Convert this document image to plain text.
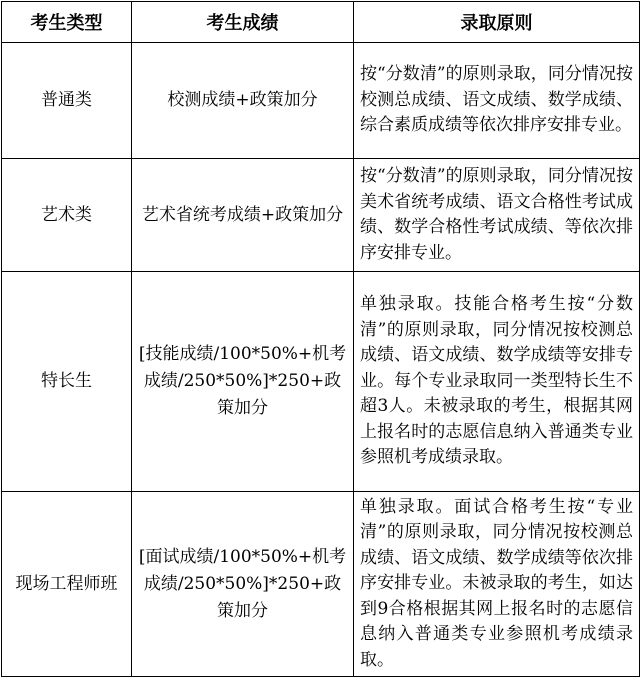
考生类型	考生成绩	录取原则
普通类	校测成绩+政策加分	按“分数清”的原则录取，同分情况按校测总成绩、语文成绩、数学成绩、综合素质成绩等依次排序安排专业。
艺术类	艺术省统考成绩+政策加分	按“分数清”的原则录取，同分情况按美术省统考成绩、语文合格性考试成绩、数学合格性考试成绩、等依次排序安排专业。
特长生	[技能成绩/100*50%+机考成绩/250*50%]*250+政策加分	单独录取。技能合格考生按“分数清”的原则录取，同分情况按校测总成绩、语文成绩、数学成绩等安排专业。每个专业录取同一类型特长生不超3人。未被录取的考生，根据其网上报名时的志愿信息纳入普通类专业参照机考成绩录取。
现场工程师班	[面试成绩/100*50%+机考成绩/250*50%]*250+政策加分	单独录取。面试合格考生按“专业清”的原则录取，同分情况按校测总成绩、语文成绩、数学成绩等依次排序安排专业。未被录取的考生，如达到9合格根据其网上报名时的志愿信息纳入普通类专业参照机考成绩录取。
